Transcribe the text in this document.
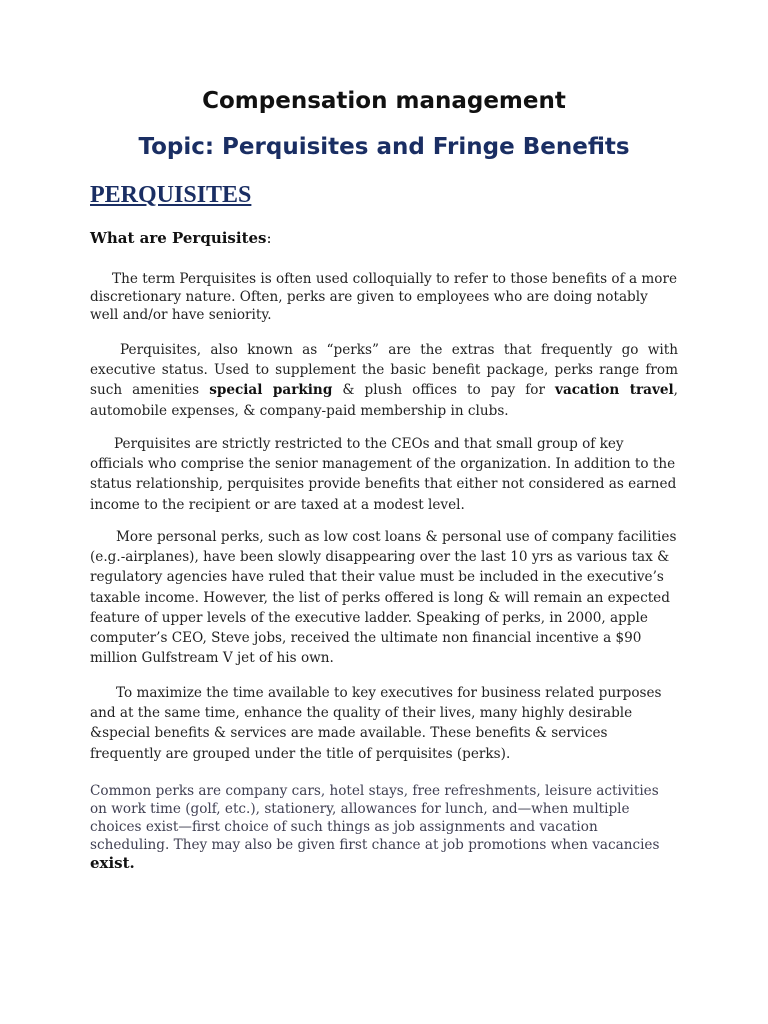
Compensation management
Topic: Perquisites and Fringe Benefits
PERQUISITES

What are Perquisites:

The term Perquisites is often used colloquially to refer to those benefits of a more discretionary nature. Often, perks are given to employees who are doing notably well and/or have seniority.

Perquisites, also known as “perks” are the extras that frequently go with executive status. Used to supplement the basic benefit package, perks range from such amenities special parking & plush offices to pay for vacation travel, automobile expenses, & company-paid membership in clubs.

Perquisites are strictly restricted to the CEOs and that small group of key officials who comprise the senior management of the organization. In addition to the status relationship, perquisites provide benefits that either not considered as earned income to the recipient or are taxed at a modest level.

More personal perks, such as low cost loans & personal use of company facilities (e.g.-airplanes), have been slowly disappearing over the last 10 yrs as various tax & regulatory agencies have ruled that their value must be included in the executive’s taxable income. However, the list of perks offered is long & will remain an expected feature of upper levels of the executive ladder. Speaking of perks, in 2000, apple computer’s CEO, Steve jobs, received the ultimate non financial incentive a $90 million Gulfstream V jet of his own.

To maximize the time available to key executives for business related purposes and at the same time, enhance the quality of their lives, many highly desirable &special benefits & services are made available. These benefits & services frequently are grouped under the title of perquisites (perks).

Common perks are company cars, hotel stays, free refreshments, leisure activities on work time (golf, etc.), stationery, allowances for lunch, and—when multiple choices exist—first choice of such things as job assignments and vacation scheduling. They may also be given first chance at job promotions when vacancies exist.
